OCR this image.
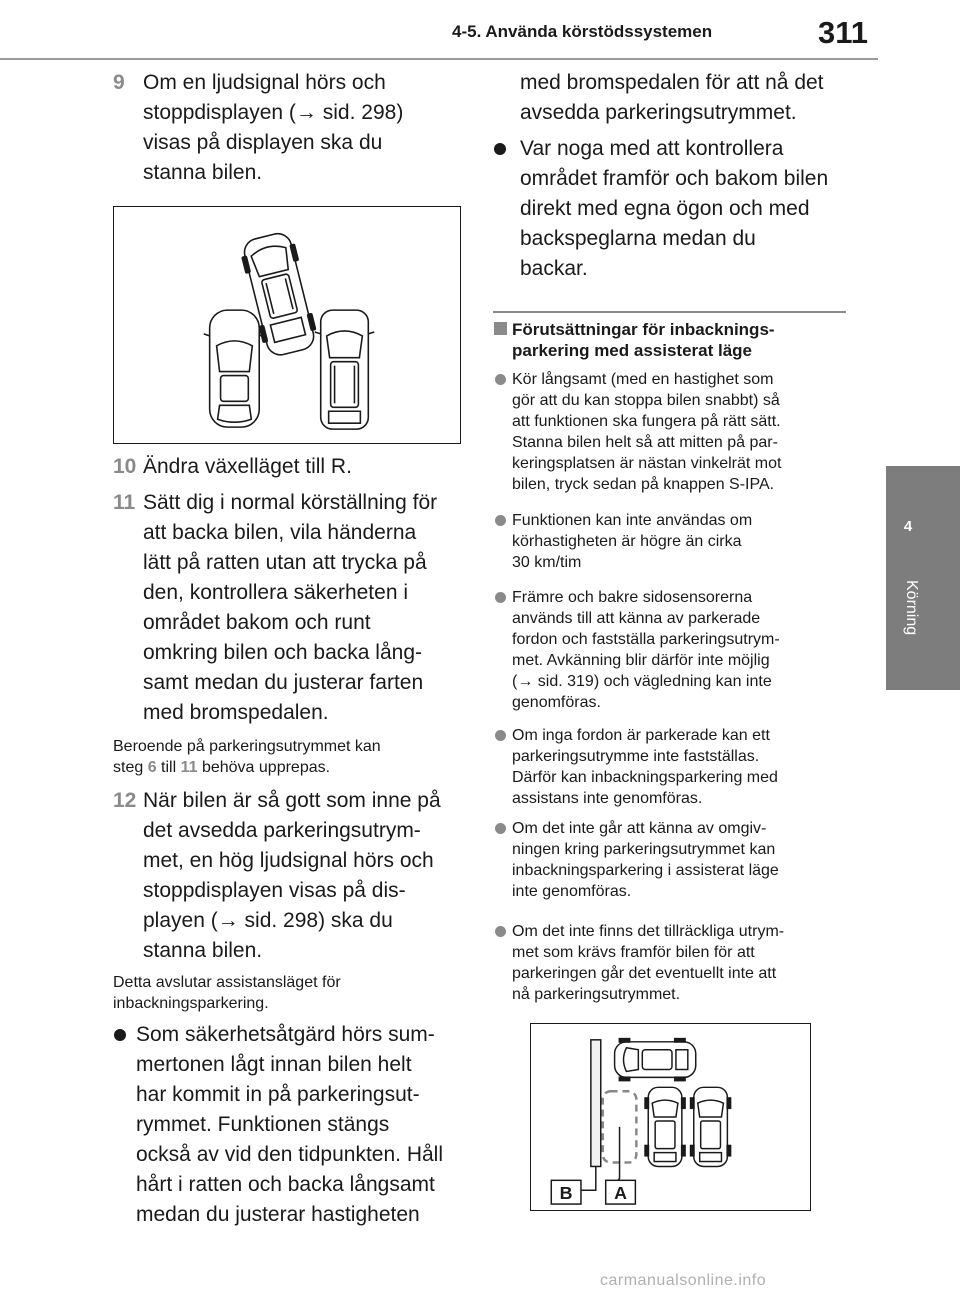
4-5. Använda körstödssystemen	311
4
Körning
9 Om en ljudsignal hörs och
stoppdisplayen (→ sid. 298)
visas på displayen ska du
stanna bilen.
10 Ändra växelläget till R.
11 Sätt dig i normal körställning för
att backa bilen, vila händerna
lätt på ratten utan att trycka på
den, kontrollera säkerheten i
området bakom och runt
omkring bilen och backa lång-
samt medan du justerar farten
med bromspedalen.
Beroende på parkeringsutrymmet kan
steg 6 till 11 behöva upprepas.
12 När bilen är så gott som inne på
det avsedda parkeringsutrym-
met, en hög ljudsignal hörs och
stoppdisplayen visas på dis-
playen (→ sid. 298) ska du
stanna bilen.
Detta avslutar assistansläget för
inbackningsparkering.
Som säkerhetsåtgärd hörs sum-
mertonen lågt innan bilen helt
har kommit in på parkeringsut-
rymmet. Funktionen stängs
också av vid den tidpunkten. Håll
hårt i ratten och backa långsamt
medan du justerar hastigheten
med bromspedalen för att nå det
avsedda parkeringsutrymmet.
Var noga med att kontrollera
området framför och bakom bilen
direkt med egna ögon och med
backspeglarna medan du
backar.
Förutsättningar för inbacknings-
parkering med assisterat läge
Kör långsamt (med en hastighet som
gör att du kan stoppa bilen snabbt) så
att funktionen ska fungera på rätt sätt.
Stanna bilen helt så att mitten på par-
keringsplatsen är nästan vinkelrät mot
bilen, tryck sedan på knappen S-IPA.
Funktionen kan inte användas om
körhastigheten är högre än cirka
30 km/tim
Främre och bakre sidosensorerna
används till att känna av parkerade
fordon och fastställa parkeringsutrym-
met. Avkänning blir därför inte möjlig
(→ sid. 319) och vägledning kan inte
genomföras.
Om inga fordon är parkerade kan ett
parkeringsutrymme inte fastställas.
Därför kan inbackningsparkering med
assistans inte genomföras.
Om det inte går att känna av omgiv-
ningen kring parkeringsutrymmet kan
inbackningsparkering i assisterat läge
inte genomföras.
Om det inte finns det tillräckliga utrym-
met som krävs framför bilen för att
parkeringen går det eventuellt inte att
nå parkeringsutrymmet.
B A
carmanualsonline.info
